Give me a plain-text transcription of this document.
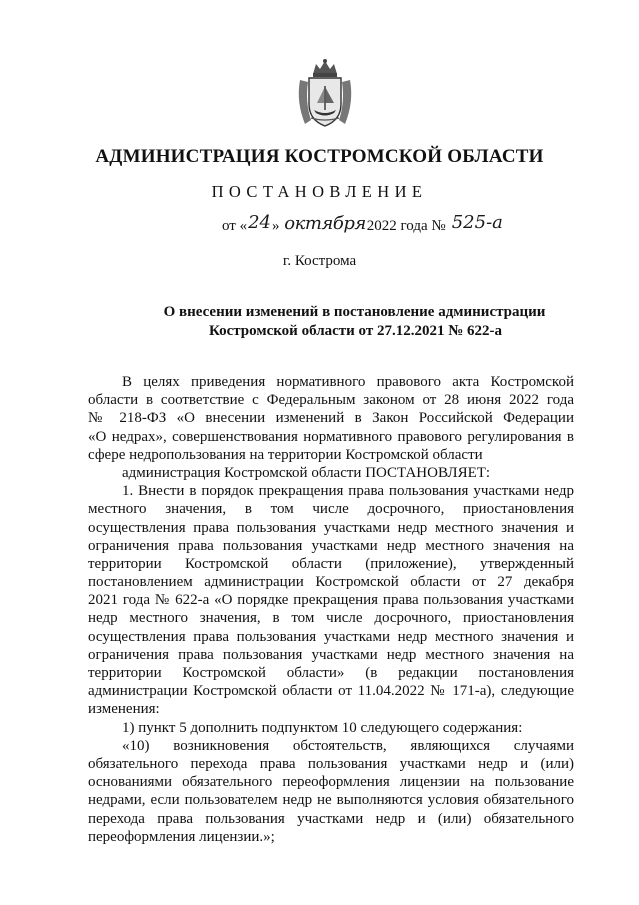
АДМИНИСТРАЦИЯ КОСТРОМСКОЙ ОБЛАСТИ
ПОСТАНОВЛЕНИЕ
от «24» октября2022 года № 525-а
г. Кострома
О внесении изменений в постановление администрации
Костромской области от 27.12.2021 № 622-а
В целях приведения нормативного правового акта Костромской
области в соответствие с Федеральным законом от 28 июня 2022 года
№ 218-ФЗ «О внесении изменений в Закон Российской Федерации
«О недрах», совершенствования нормативного правового регулирования в
сфере недропользования на территории Костромской области
администрация Костромской области ПОСТАНОВЛЯЕТ:
1. Внести в порядок прекращения права пользования участками недр
местного значения, в том числе досрочного, приостановления
осуществления права пользования участками недр местного значения и
ограничения права пользования участками недр местного значения на
территории Костромской области (приложение), утвержденный
постановлением администрации Костромской области от 27 декабря
2021 года № 622-а «О порядке прекращения права пользования участками
недр местного значения, в том числе досрочного, приостановления
осуществления права пользования участками недр местного значения и
ограничения права пользования участками недр местного значения на
территории Костромской области» (в редакции постановления
администрации Костромской области от 11.04.2022 № 171-а), следующие
изменения:
1) пункт 5 дополнить подпунктом 10 следующего содержания:
«10) возникновения обстоятельств, являющихся случаями
обязательного перехода права пользования участками недр и (или)
основаниями обязательного переоформления лицензии на пользование
недрами, если пользователем недр не выполняются условия обязательного
перехода права пользования участками недр и (или) обязательного
переоформления лицензии.»;
